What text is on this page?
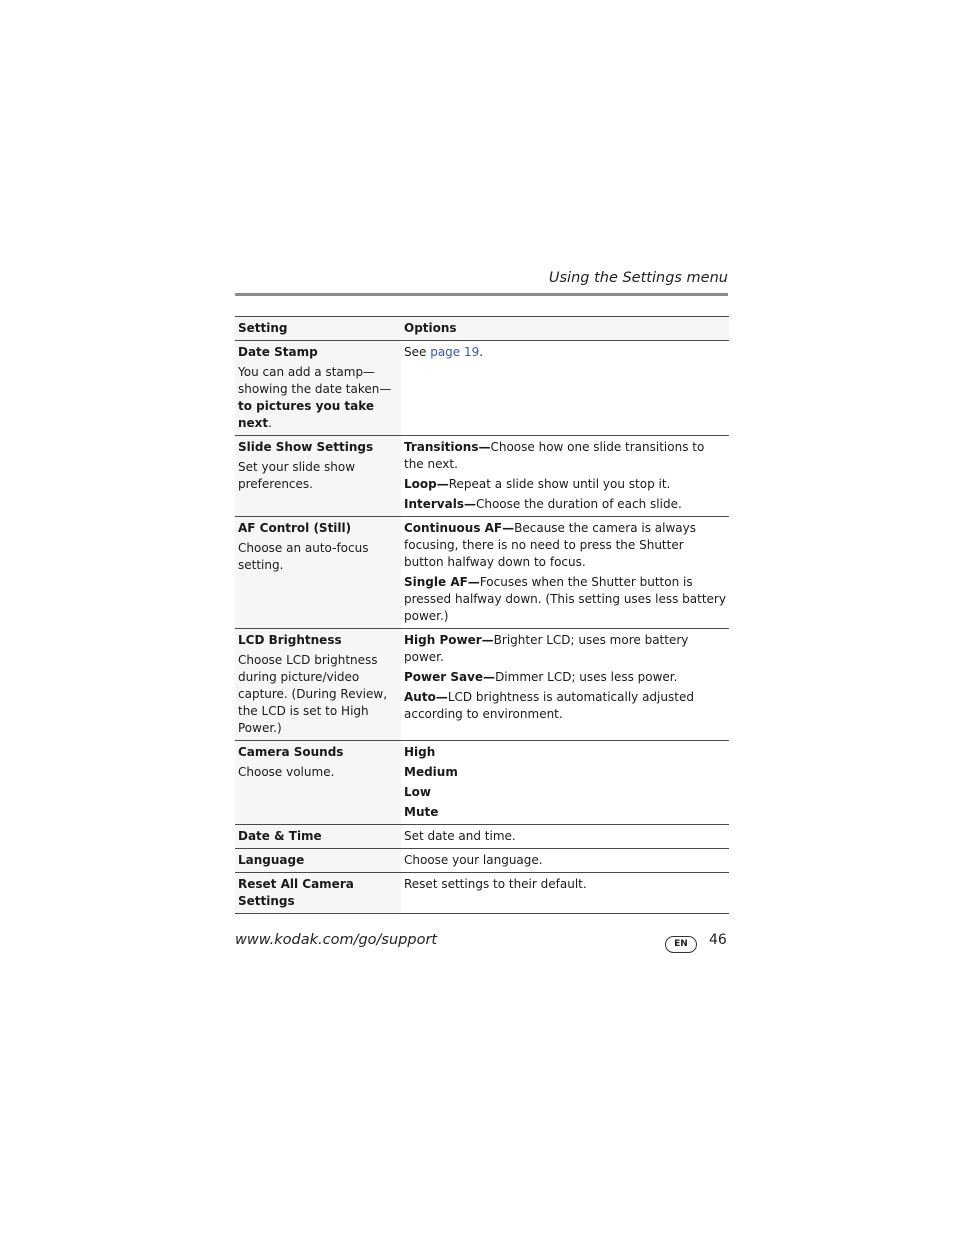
Using the Settings menu
Setting	Options

Date Stamp
You can add a stamp—showing the date taken—to pictures you take next.	See page 19.

Slide Show Settings
Set your slide show preferences.	Transitions—Choose how one slide transitions to the next.
Loop—Repeat a slide show until you stop it.
Intervals—Choose the duration of each slide.

AF Control (Still)
Choose an auto-focus setting.	Continuous AF—Because the camera is always focusing, there is no need to press the Shutter button halfway down to focus.
Single AF—Focuses when the Shutter button is pressed halfway down. (This setting uses less battery power.)

LCD Brightness
Choose LCD brightness during picture/video capture. (During Review, the LCD is set to High Power.)	High Power—Brighter LCD; uses more battery power.
Power Save—Dimmer LCD; uses less power.
Auto—LCD brightness is automatically adjusted according to environment.

Camera Sounds
Choose volume.	High
Medium
Low
Mute

Date & Time	Set date and time.

Language	Choose your language.

Reset All Camera Settings	Reset settings to their default.
www.kodak.com/go/support	EN	46
